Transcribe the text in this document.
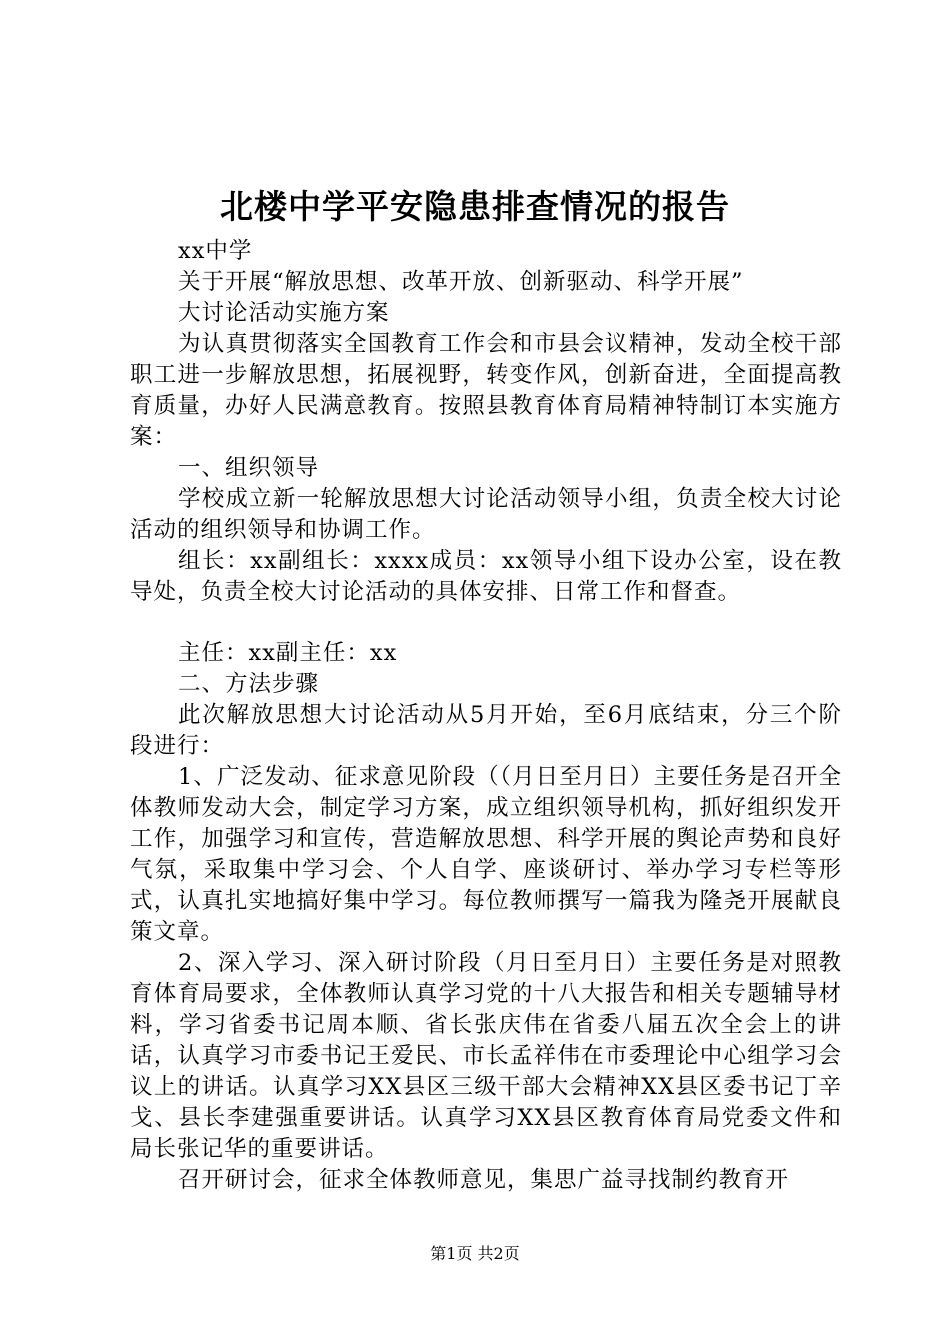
北楼中学平安隐患排查情况的报告

xx中学

关于开展“解放思想、改革开放、创新驱动、科学开展”

大讨论活动实施方案

为认真贯彻落实全国教育工作会和市县会议精神，发动全校干部职工进一步解放思想，拓展视野，转变作风，创新奋进，全面提高教育质量，办好人民满意教育。按照县教育体育局精神特制订本实施方案：

一、组织领导

学校成立新一轮解放思想大讨论活动领导小组，负责全校大讨论活动的组织领导和协调工作。

组长：xx副组长：xxxx成员：xx领导小组下设办公室，设在教导处，负责全校大讨论活动的具体安排、日常工作和督查。

主任：xx副主任：xx

二、方法步骤

此次解放思想大讨论活动从5月开始，至6月底结束，分三个阶段进行：

1、广泛发动、征求意见阶段（（月日至月日）主要任务是召开全体教师发动大会，制定学习方案，成立组织领导机构，抓好组织发开工作，加强学习和宣传，营造解放思想、科学开展的舆论声势和良好气氛，采取集中学习会、个人自学、座谈研讨、举办学习专栏等形式，认真扎实地搞好集中学习。每位教师撰写一篇我为隆尧开展献良策文章。

2、深入学习、深入研讨阶段（月日至月日）主要任务是对照教育体育局要求，全体教师认真学习党的十八大报告和相关专题辅导材料，学习省委书记周本顺、省长张庆伟在省委八届五次全会上的讲话，认真学习市委书记王爱民、市长孟祥伟在市委理论中心组学习会议上的讲话。认真学习XX县区三级干部大会精神XX县区委书记丁辛戈、县长李建强重要讲话。认真学习XX县区教育体育局党委文件和局长张记华的重要讲话。

召开研讨会，征求全体教师意见，集思广益寻找制约教育开

第1页 共2页
